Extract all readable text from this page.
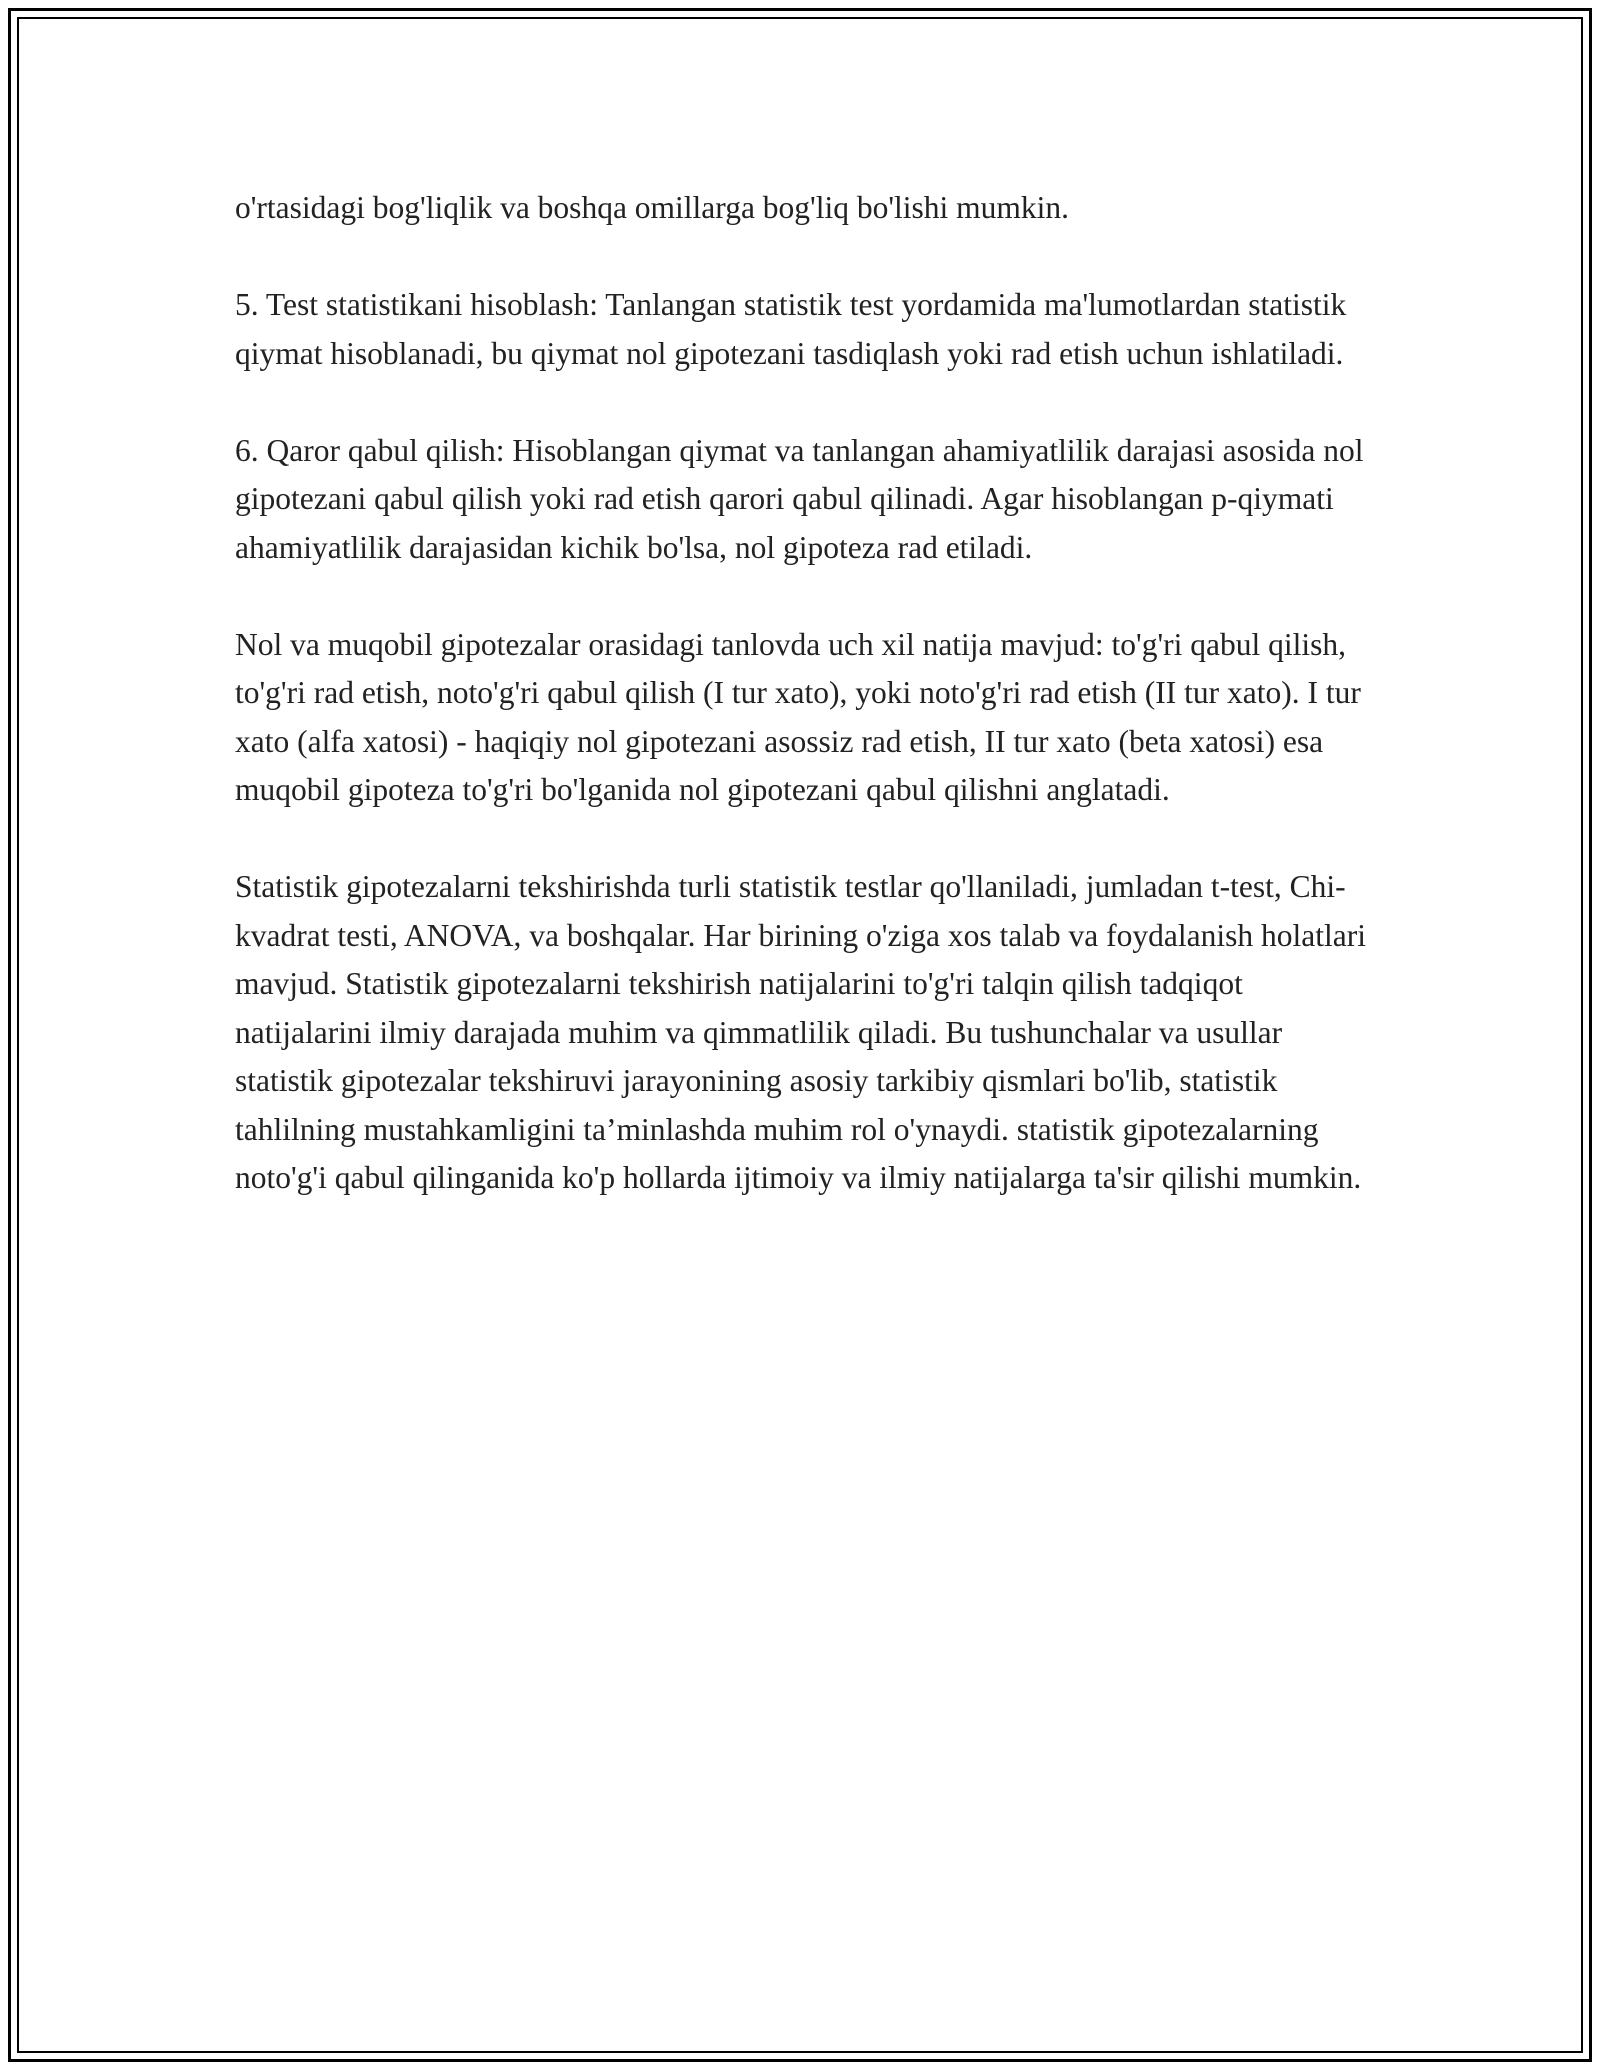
o'rtasidagi bog'liqlik va boshqa omillarga bog'liq bo'lishi mumkin.

5. Test statistikani hisoblash: Tanlangan statistik test yordamida ma'lumotlardan statistik qiymat hisoblanadi, bu qiymat nol gipotezani tasdiqlash yoki rad etish uchun ishlatiladi.

6. Qaror qabul qilish: Hisoblangan qiymat va tanlangan ahamiyatlilik darajasi asosida nol gipotezani qabul qilish yoki rad etish qarori qabul qilinadi. Agar hisoblangan p-qiymati ahamiyatlilik darajasidan kichik bo'lsa, nol gipoteza rad etiladi.

Nol va muqobil gipotezalar orasidagi tanlovda uch xil natija mavjud: to'g'ri qabul qilish, to'g'ri rad etish, noto'g'ri qabul qilish (I tur xato), yoki noto'g'ri rad etish (II tur xato). I tur xato (alfa xatosi) - haqiqiy nol gipotezani asossiz rad etish, II tur xato (beta xatosi) esa muqobil gipoteza to'g'ri bo'lganida nol gipotezani qabul qilishni anglatadi.

Statistik gipotezalarni tekshirishda turli statistik testlar qo'llaniladi, jumladan t-test, Chi-kvadrat testi, ANOVA, va boshqalar. Har birining o'ziga xos talab va foydalanish holatlari mavjud. Statistik gipotezalarni tekshirish natijalarini to'g'ri talqin qilish tadqiqot natijalarini ilmiy darajada muhim va qimmatlilik qiladi. Bu tushunchalar va usullar statistik gipotezalar tekshiruvi jarayonining asosiy tarkibiy qismlari bo'lib, statistik tahlilning mustahkamligini ta’minlashda muhim rol o'ynaydi. statistik gipotezalarning noto'g'i qabul qilinganida ko'p hollarda ijtimoiy va ilmiy natijalarga ta'sir qilishi mumkin.
